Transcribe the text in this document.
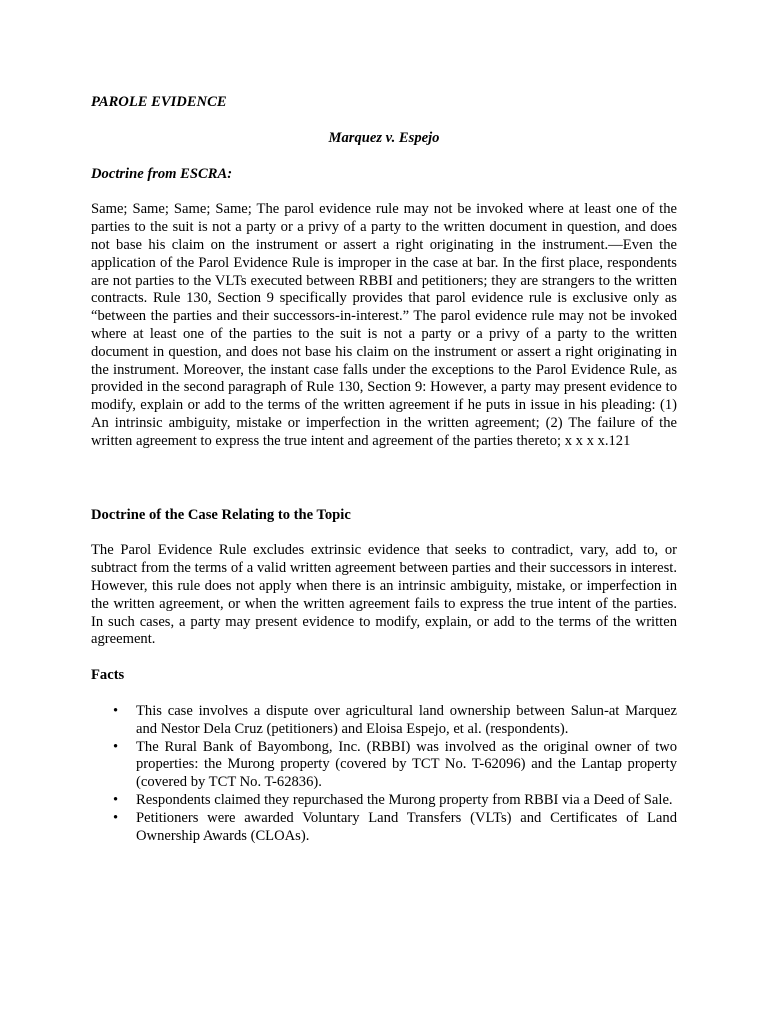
PAROLE EVIDENCE

Marquez v. Espejo

Doctrine from ESCRA:

Same; Same; Same; Same; The parol evidence rule may not be invoked where at least one of the parties to the suit is not a party or a privy of a party to the written document in question, and does not base his claim on the instrument or assert a right originating in the instrument.—Even the application of the Parol Evidence Rule is improper in the case at bar. In the first place, respondents are not parties to the VLTs executed between RBBI and petitioners; they are strangers to the written contracts. Rule 130, Section 9 specifically provides that parol evidence rule is exclusive only as “between the parties and their successors-in-interest.” The parol evidence rule may not be invoked where at least one of the parties to the suit is not a party or a privy of a party to the written document in question, and does not base his claim on the instrument or assert a right originating in the instrument. Moreover, the instant case falls under the exceptions to the Parol Evidence Rule, as provided in the second paragraph of Rule 130, Section 9: However, a party may present evidence to modify, explain or add to the terms of the written agreement if he puts in issue in his pleading: (1) An intrinsic ambiguity, mistake or imperfection in the written agreement; (2) The failure of the written agreement to express the true intent and agreement of the parties thereto; x x x x.121

Doctrine of the Case Relating to the Topic

The Parol Evidence Rule excludes extrinsic evidence that seeks to contradict, vary, add to, or subtract from the terms of a valid written agreement between parties and their successors in interest. However, this rule does not apply when there is an intrinsic ambiguity, mistake, or imperfection in the written agreement, or when the written agreement fails to express the true intent of the parties. In such cases, a party may present evidence to modify, explain, or add to the terms of the written agreement.

Facts

• This case involves a dispute over agricultural land ownership between Salun-at Marquez and Nestor Dela Cruz (petitioners) and Eloisa Espejo, et al. (respondents).
• The Rural Bank of Bayombong, Inc. (RBBI) was involved as the original owner of two properties: the Murong property (covered by TCT No. T-62096) and the Lantap property (covered by TCT No. T-62836).
• Respondents claimed they repurchased the Murong property from RBBI via a Deed of Sale.
• Petitioners were awarded Voluntary Land Transfers (VLTs) and Certificates of Land Ownership Awards (CLOAs).
